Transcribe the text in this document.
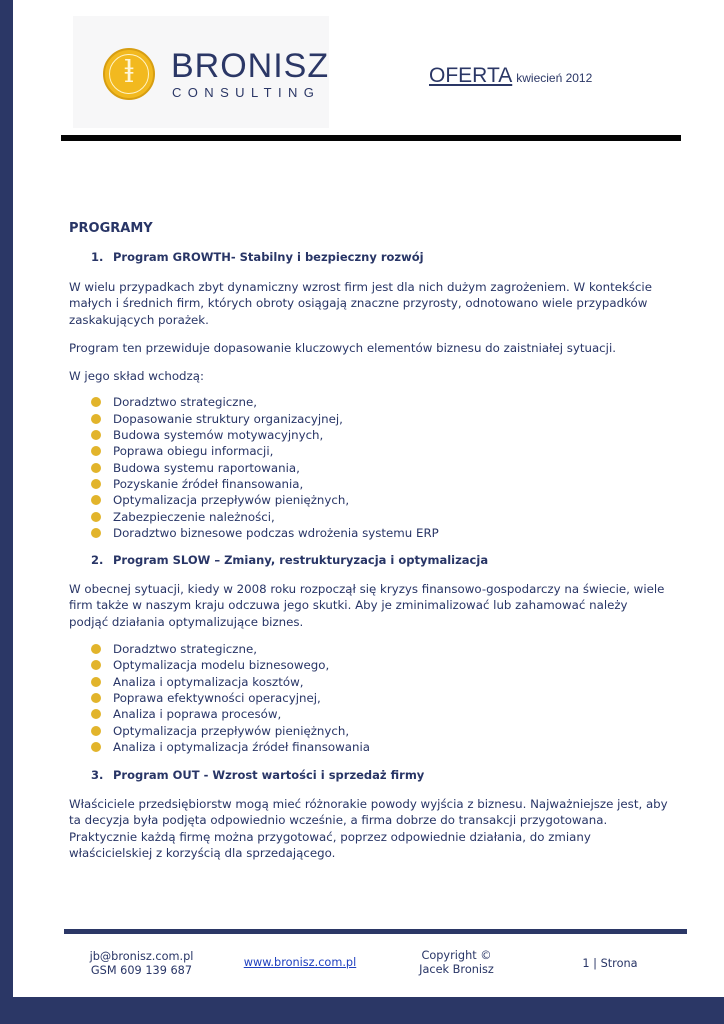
ⱡ	BRONISZ
CONSULTING
OFERTA kwiecień 2012
PROGRAMY
1. Program GROWTH- Stabilny i bezpieczny rozwój

W wielu przypadkach zbyt dynamiczny wzrost firm jest dla nich dużym zagrożeniem. W kontekście małych i średnich firm, których obroty osiągają znaczne przyrosty, odnotowano wiele przypadków zaskakujących porażek.

Program ten przewiduje dopasowanie kluczowych elementów biznesu do zaistniałej sytuacji.

W jego skład wchodzą:

Doradztwo strategiczne,
Dopasowanie struktury organizacyjnej,
Budowa systemów motywacyjnych,
Poprawa obiegu informacji,
Budowa systemu raportowania,
Pozyskanie źródeł finansowania,
Optymalizacja przepływów pieniężnych,
Zabezpieczenie należności,
Doradztwo biznesowe podczas wdrożenia systemu ERP
2. Program SLOW – Zmiany, restrukturyzacja i optymalizacja

W obecnej sytuacji, kiedy w 2008 roku rozpoczął się kryzys finansowo-gospodarczy na świecie, wiele firm także w naszym kraju odczuwa jego skutki. Aby je zminimalizować lub zahamować należy podjąć działania optymalizujące biznes.

Doradztwo strategiczne,
Optymalizacja modelu biznesowego,
Analiza i optymalizacja kosztów,
Poprawa efektywności operacyjnej,
Analiza i poprawa procesów,
Optymalizacja przepływów pieniężnych,
Analiza i optymalizacja źródeł finansowania
3. Program OUT - Wzrost wartości i sprzedaż firmy

Właściciele przedsiębiorstw mogą mieć różnorakie powody wyjścia z biznesu. Najważniejsze jest, aby ta decyzja była podjęta odpowiednio wcześnie, a firma dobrze do transakcji przygotowana. Praktycznie każdą firmę można przygotować, poprzez odpowiednie działania, do zmiany właścicielskiej z korzyścią dla sprzedającego.

jb@bronisz.com.pl
GSM 609 139 687
www.bronisz.com.pl
Copyright ©
Jacek Bronisz	1 | Strona
